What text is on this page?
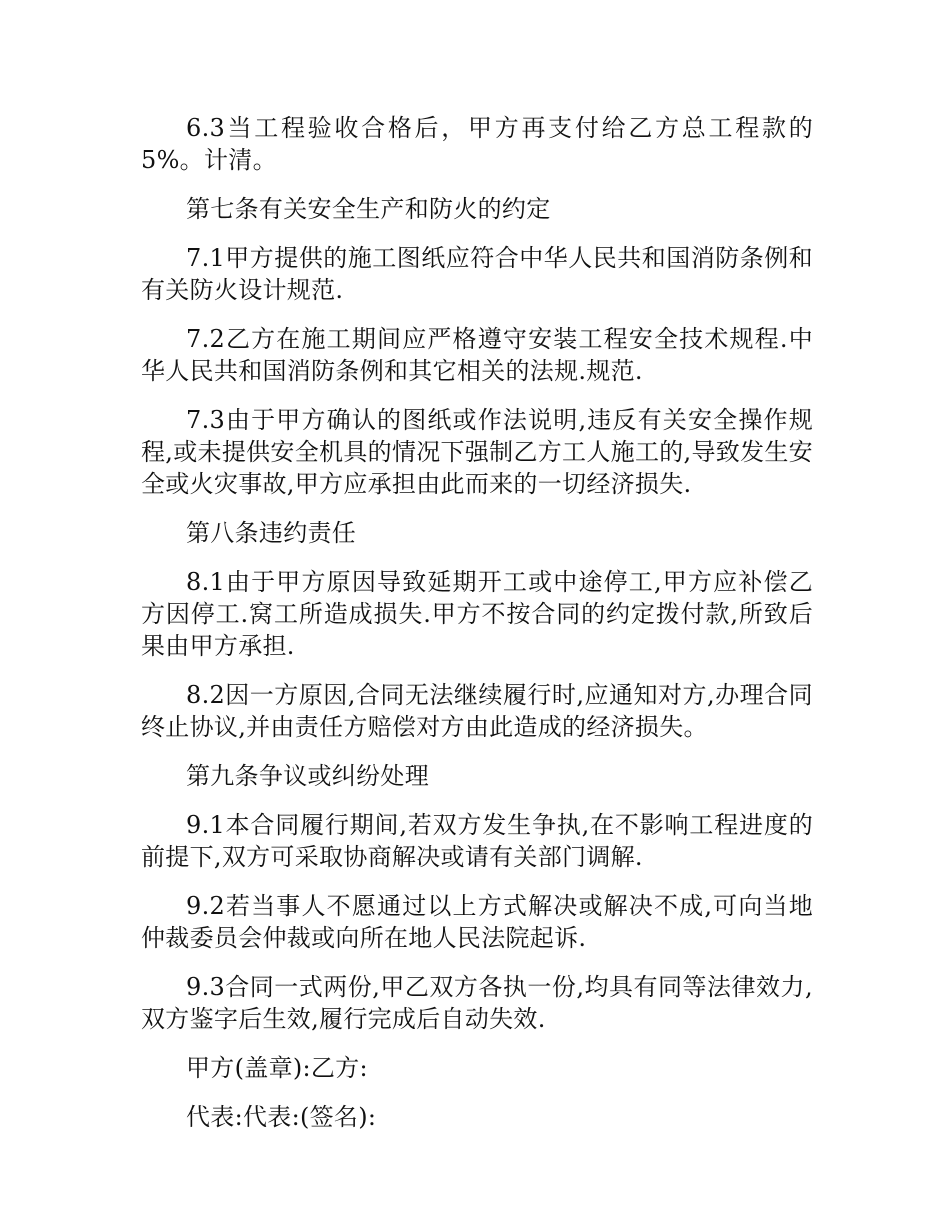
6.3当工程验收合格后，甲方再支付给乙方总工程款的5%。计清。

第七条有关安全生产和防火的约定

7.1甲方提供的施工图纸应符合中华人民共和国消防条例和有关防火设计规范.

7.2乙方在施工期间应严格遵守安装工程安全技术规程.中华人民共和国消防条例和其它相关的法规.规范.

7.3由于甲方确认的图纸或作法说明,违反有关安全操作规程,或未提供安全机具的情况下强制乙方工人施工的,导致发生安全或火灾事故,甲方应承担由此而来的一切经济损失.

第八条违约责任

8.1由于甲方原因导致延期开工或中途停工,甲方应补偿乙方因停工.窝工所造成损失.甲方不按合同的约定拨付款,所致后果由甲方承担.

8.2因一方原因,合同无法继续履行时,应通知对方,办理合同终止协议,并由责任方赔偿对方由此造成的经济损失。

第九条争议或纠纷处理

9.1本合同履行期间,若双方发生争执,在不影响工程进度的前提下,双方可采取协商解决或请有关部门调解.

9.2若当事人不愿通过以上方式解决或解决不成,可向当地仲裁委员会仲裁或向所在地人民法院起诉.

9.3合同一式两份,甲乙双方各执一份,均具有同等法律效力,双方鉴字后生效,履行完成后自动失效.

甲方(盖章):乙方:

代表:代表:(签名):
